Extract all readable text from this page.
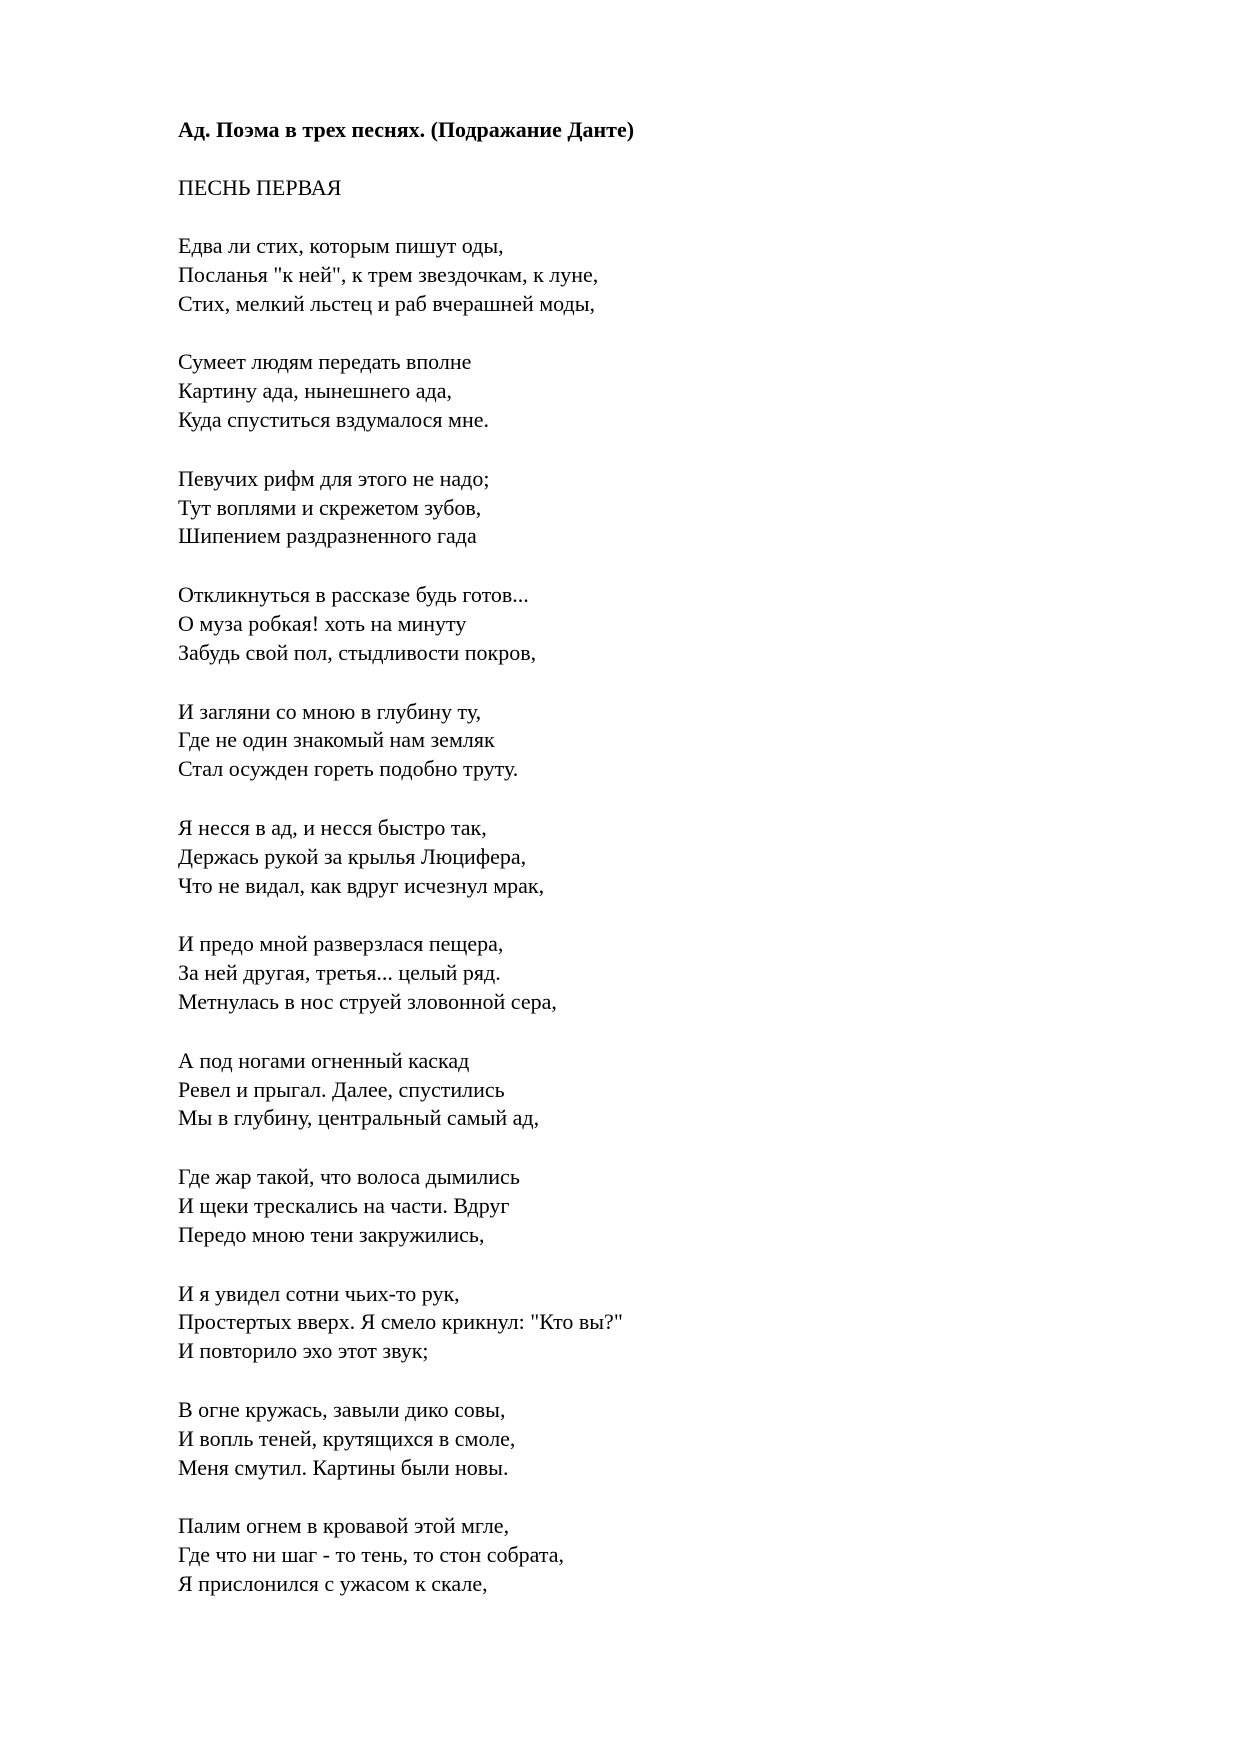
Ад. Поэма в трех песнях. (Подражание Данте)
ПЕСНЬ ПЕРВАЯ
Едва ли стих, которым пишут оды,
Посланья "к ней", к трем звездочкам, к луне,
Стих, мелкий льстец и раб вчерашней моды,
Сумеет людям передать вполне
Картину ада, нынешнего ада,
Куда спуститься вздумалося мне.
Певучих рифм для этого не надо;
Тут воплями и скрежетом зубов,
Шипением раздразненного гада
Откликнуться в рассказе будь готов...
О муза робкая! хоть на минуту
Забудь свой пол, стыдливости покров,
И загляни со мною в глубину ту,
Где не один знакомый нам земляк
Стал осужден гореть подобно труту.
Я несся в ад, и несся быстро так,
Держась рукой за крылья Люцифера,
Что не видал, как вдруг исчезнул мрак,
И предо мной разверзлася пещера,
За ней другая, третья... целый ряд.
Метнулась в нос струей зловонной сера,
А под ногами огненный каскад
Ревел и прыгал. Далее, спустились
Мы в глубину, центральный самый ад,
Где жар такой, что волоса дымились
И щеки трескались на части. Вдруг
Передо мною тени закружились,
И я увидел сотни чьих-то рук,
Простертых вверх. Я смело крикнул: "Кто вы?"
И повторило эхо этот звук;
В огне кружась, завыли дико совы,
И вопль теней, крутящихся в смоле,
Меня смутил. Картины были новы.
Палим огнем в кровавой этой мгле,
Где что ни шаг - то тень, то стон собрата,
Я прислонился с ужасом к скале,
